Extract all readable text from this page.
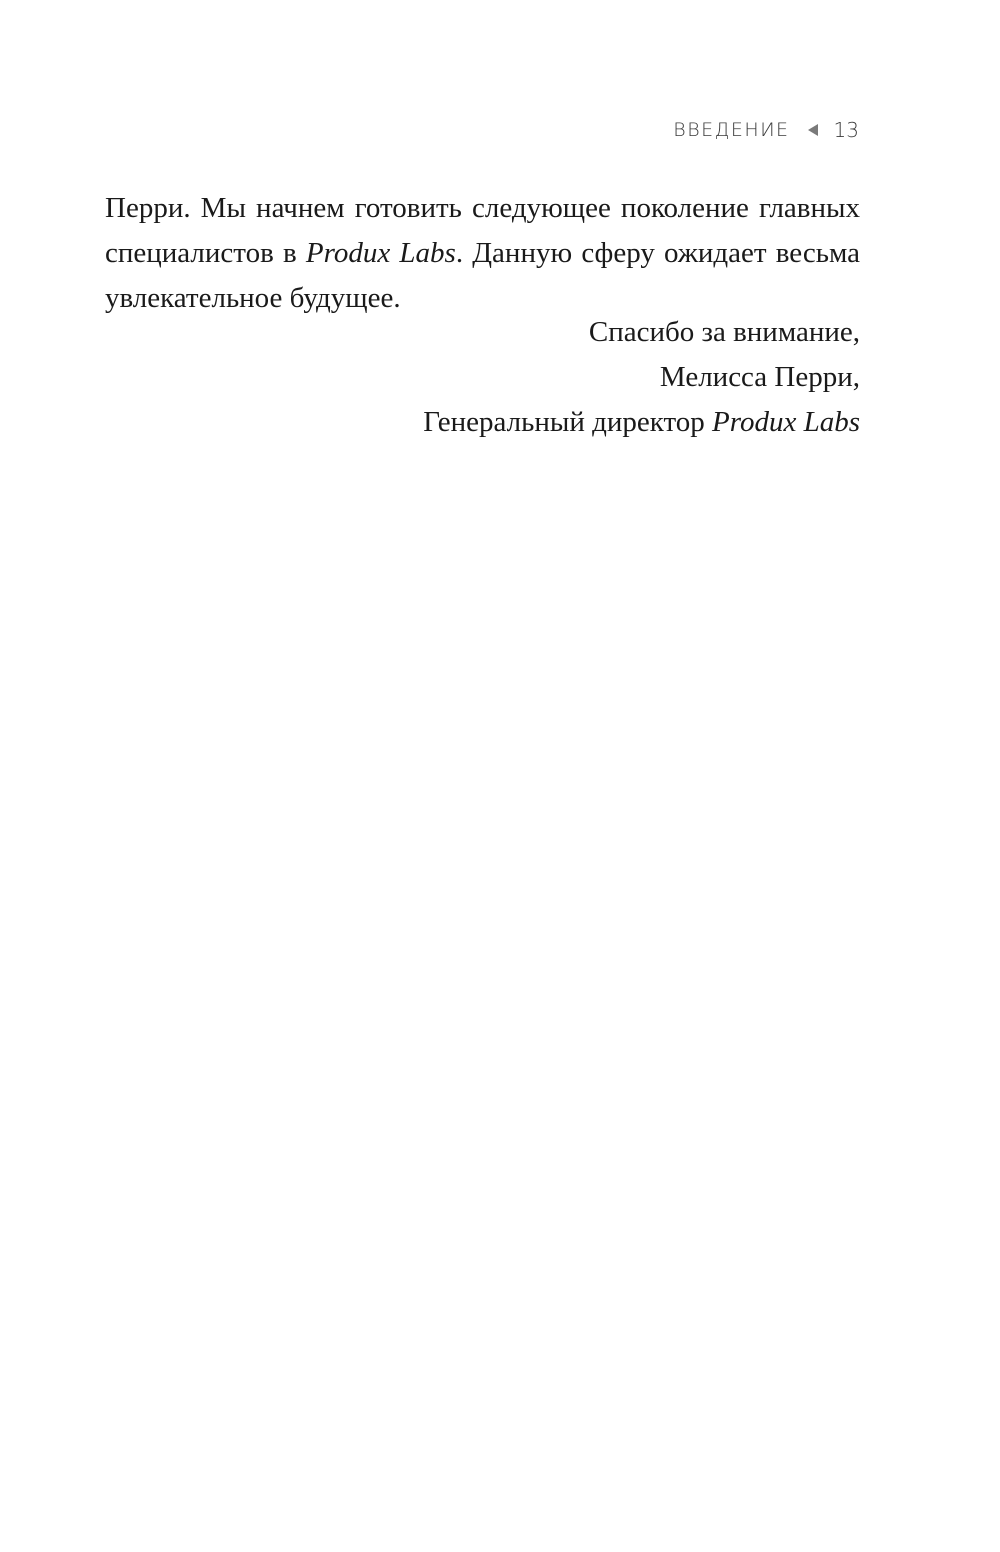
ВВЕДЕНИЕ 13

Перри. Мы начнем готовить следующее поколение главных специалистов в Produx Labs. Данную сферу ожидает весьма увлекательное будущее.

Спасибо за внимание,
Мелисса Перри,
Генеральный директор Produx Labs
